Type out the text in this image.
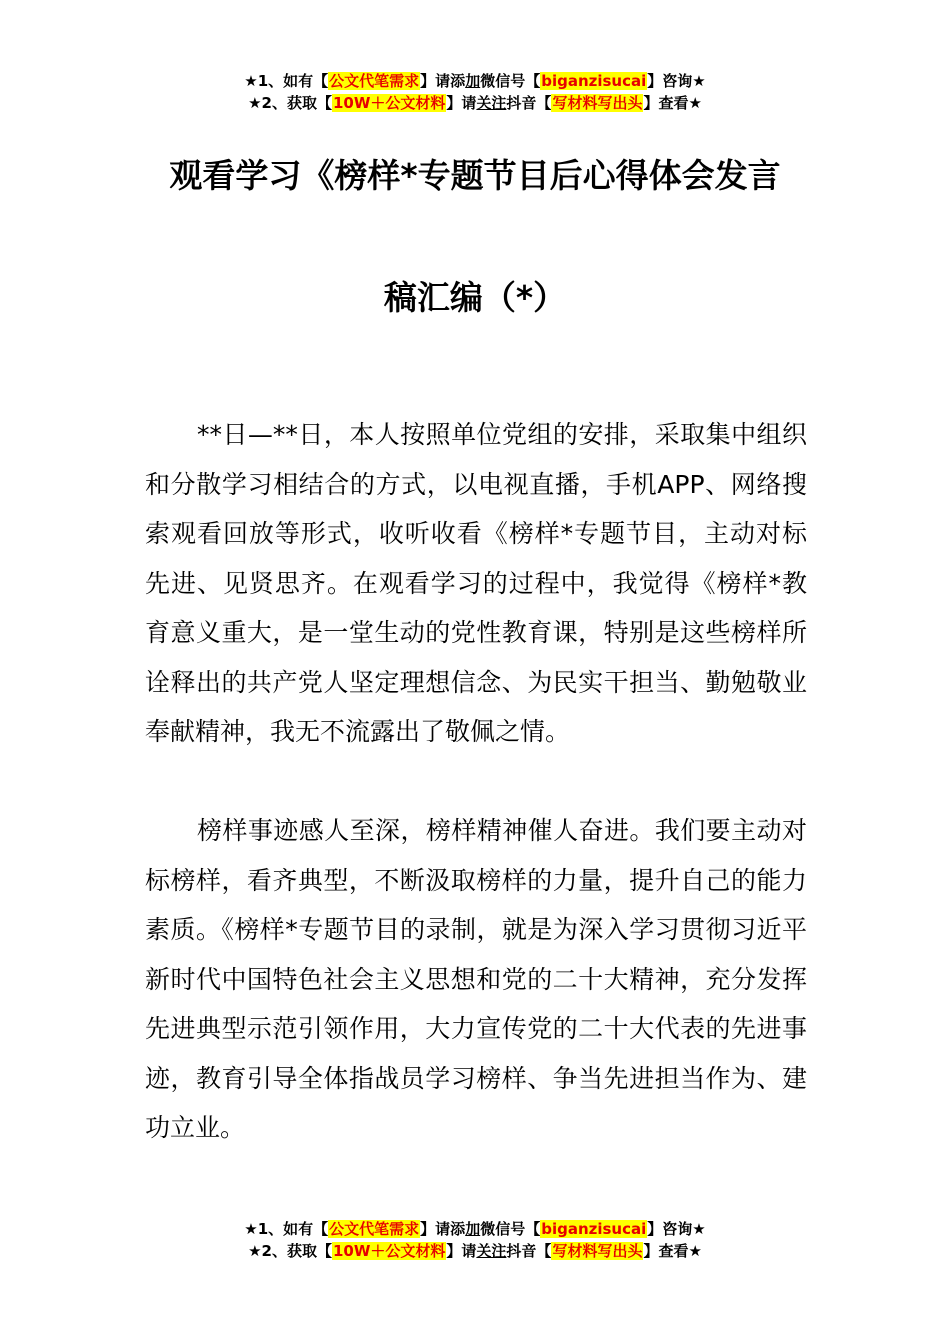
★1、如有【公文代笔需求】请添加微信号【biganzisucai】咨询★
★2、获取【10W＋公文材料】请关注抖音【写材料写出头】查看★
观看学习《榜样*专题节目后心得体会发言
稿汇编（*）

**日—**日，本人按照单位党组的安排，采取集中组织和分散学习相结合的方式，以电视直播，手机APP、网络搜索观看回放等形式，收听收看《榜样*专题节目，主动对标先进、见贤思齐。在观看学习的过程中，我觉得《榜样*教育意义重大，是一堂生动的党性教育课，特别是这些榜样所诠释出的共产党人坚定理想信念、为民实干担当、勤勉敬业奉献精神，我无不流露出了敬佩之情。

榜样事迹感人至深，榜样精神催人奋进。我们要主动对标榜样，看齐典型，不断汲取榜样的力量，提升自己的能力素质。《榜样*专题节目的录制，就是为深入学习贯彻习近平新时代中国特色社会主义思想和党的二十大精神，充分发挥先进典型示范引领作用，大力宣传党的二十大代表的先进事迹，教育引导全体指战员学习榜样、争当先进担当作为、建功立业。

★1、如有【公文代笔需求】请添加微信号【biganzisucai】咨询★
★2、获取【10W＋公文材料】请关注抖音【写材料写出头】查看★
